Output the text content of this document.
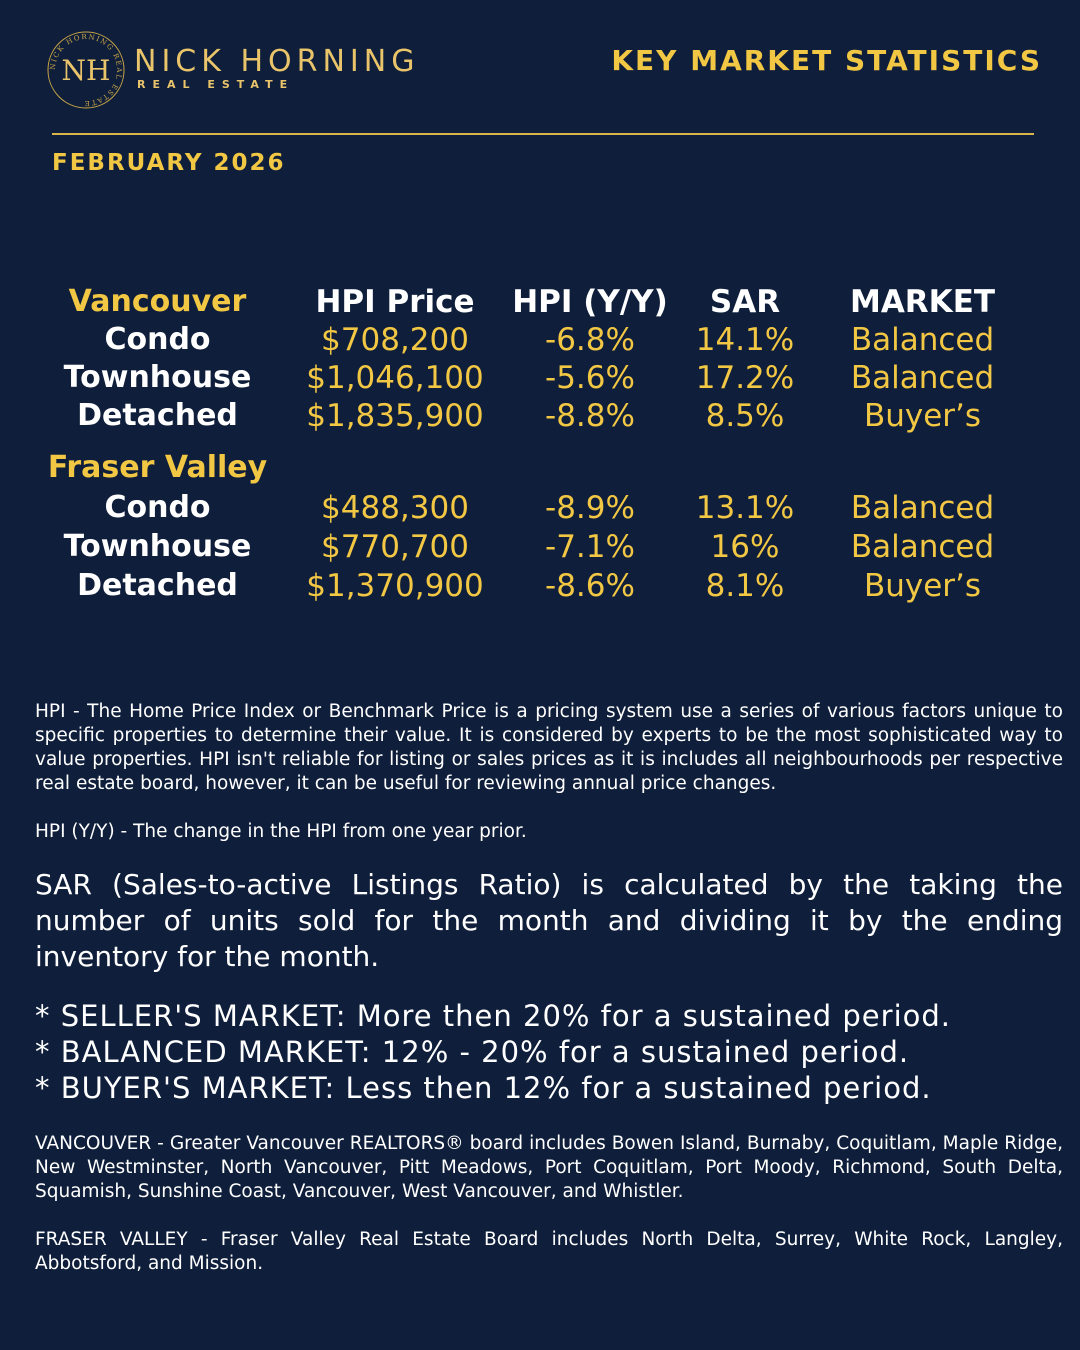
NICK HORNING REAL ESTATE
NH NICK HORNING
REAL ESTATE
KEY MARKET STATISTICS
FEBRUARY 2026
Vancouver	HPI Price	HPI (Y/Y)	SAR	MARKET
Condo	$708,200	-6.8%	14.1%	Balanced
Townhouse	$1,046,100	-5.6%	17.2%	Balanced
Detached	$1,835,900	-8.8%	8.5%	Buyer’s
Fraser Valley
Condo	$488,300	-8.9%	13.1%	Balanced
Townhouse	$770,700	-7.1%	16%	Balanced
Detached	$1,370,900	-8.6%	8.1%	Buyer’s
HPI - The Home Price Index or Benchmark Price is a pricing system use a series of various factors unique to specific properties to determine their value. It is considered by experts to be the most sophisticated way to value properties. HPI isn't reliable for listing or sales prices as it is includes all neighbourhoods per respective real estate board, however, it can be useful for reviewing annual price changes.
HPI (Y/Y) - The change in the HPI from one year prior.
SAR (Sales-to-active Listings Ratio) is calculated by the taking the number of units sold for the month and dividing it by the ending inventory for the month.
* SELLER'S MARKET: More then 20% for a sustained period.
* BALANCED MARKET: 12% - 20% for a sustained period.
* BUYER'S MARKET: Less then 12% for a sustained period.
VANCOUVER - Greater Vancouver REALTORS® board includes Bowen Island, Burnaby, Coquitlam, Maple Ridge, New Westminster, North Vancouver, Pitt Meadows, Port Coquitlam, Port Moody, Richmond, South Delta, Squamish, Sunshine Coast, Vancouver, West Vancouver, and Whistler.
FRASER VALLEY - Fraser Valley Real Estate Board includes North Delta, Surrey, White Rock, Langley, Abbotsford, and Mission.
